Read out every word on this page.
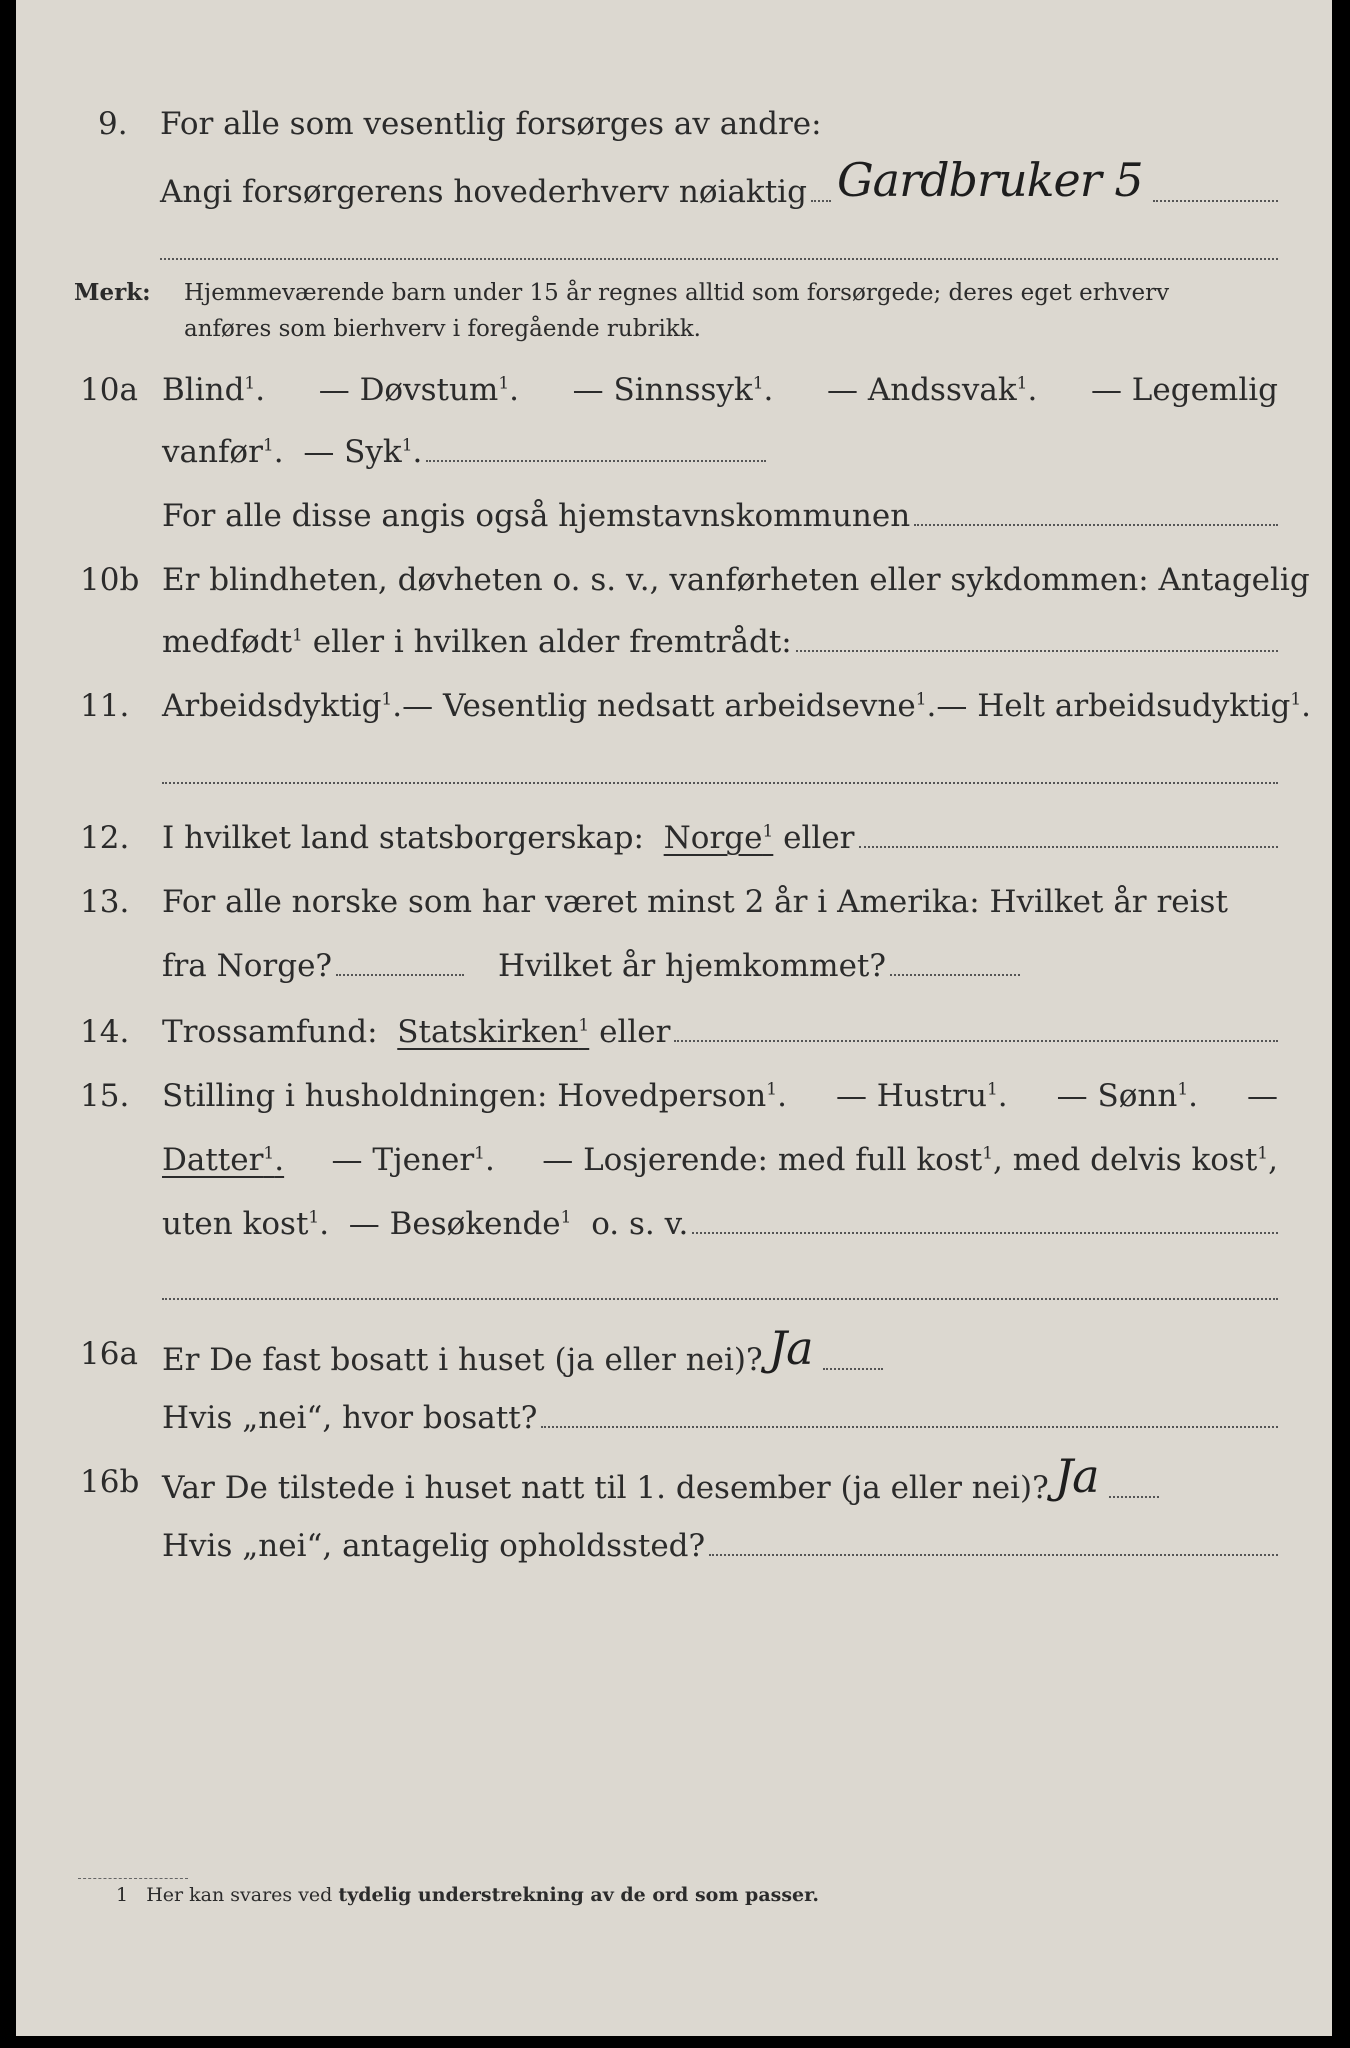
9. For alle som vesentlig forsørges av andre:
Angi forsørgerens hovederhverv nøiaktig Gardbruker 5
Merk: Hjemmeværende barn under 15 år regnes alltid som forsørgede; deres eget erhverv
anføres som bierhverv i foregående rubrikk.
10a Blind$^1$. — Døvstum$^1$. — Sinnssyk$^1$. — Andssvak$^1$. — Legemlig
vanfør$^1$.  — Syk$^1$.
For alle disse angis også hjemstavnskommunen
10b Er blindheten, døvheten o. s. v., vanførheten eller sykdommen: Antagelig
medfødt$^1$ eller i hvilken alder fremtrådt:
11. Arbeidsdyktig$^1$. — Vesentlig nedsatt arbeidsevne$^1$. — Helt arbeidsudyktig$^1$.
12. I hvilket land statsborgerskap:
Norge$^1$
eller
13. For alle norske som har været minst 2 år i Amerika: Hvilket år reist
fra Norge?	Hvilket år hjemkommet?
14. Trossamfund:
Statskirken$^1$
eller
15. Stilling i husholdningen: Hovedperson$^1$. — Hustru$^1$. — Sønn$^1$. —
Datter$^1$. — Tjener$^1$. — Losjerende: med full kost$^1$, med delvis kost$^1$,
uten kost$^1$.  — Besøkende$^1$ o. s. v.
16a Er De fast bosatt i huset (ja eller nei)? Ja
Hvis „nei“, hvor bosatt?
16b Var De tilstede i huset natt til 1. desember (ja eller nei)? Ja
Hvis „nei“, antagelig opholdssted?
1 Her kan svares ved tydelig understrekning av de ord som passer.
